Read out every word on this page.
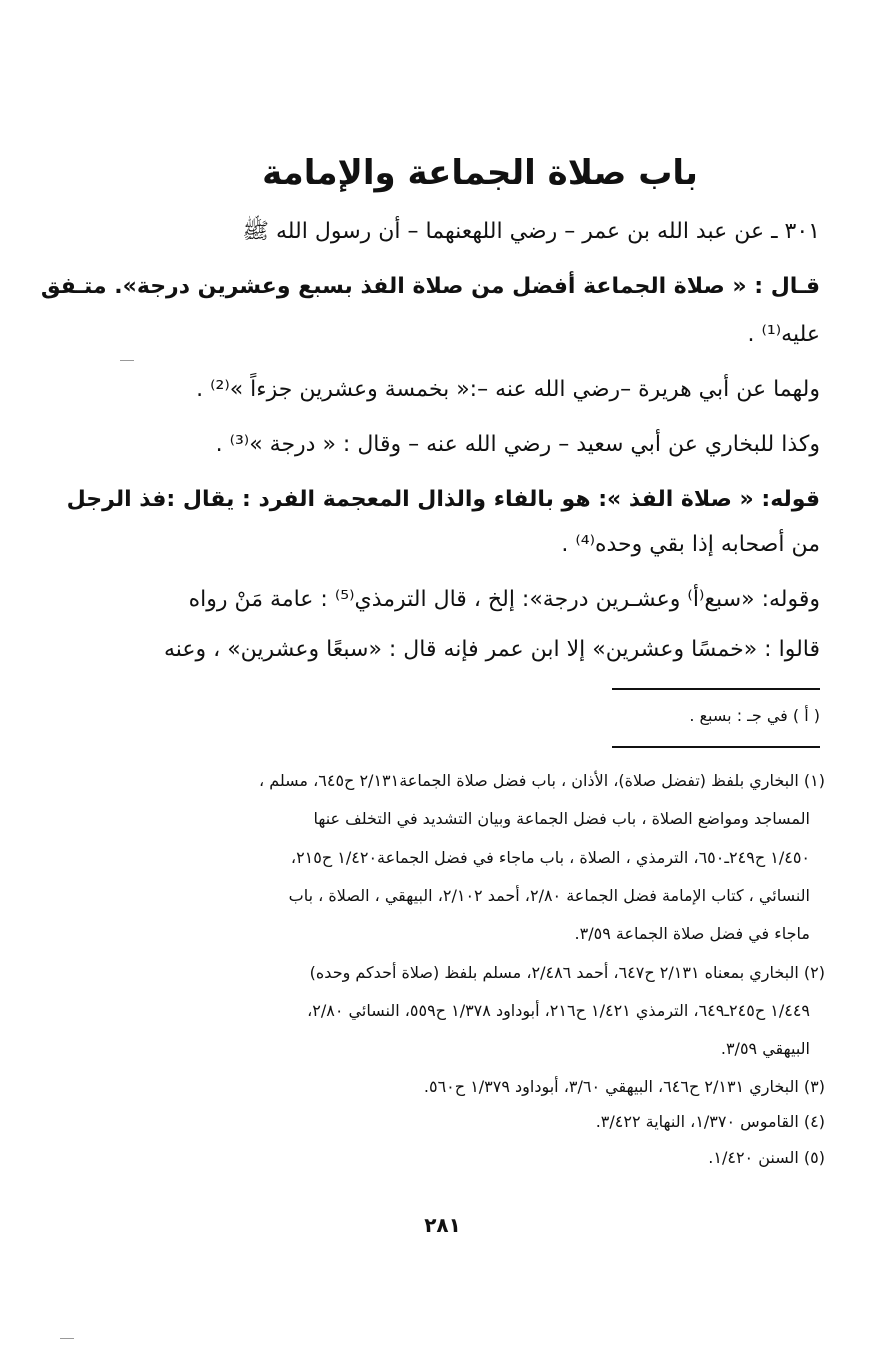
باب صلاة الجماعة والإمامة
٣٠١ ـ عن عبد الله بن عمر – رضي اللهعنهما – أن رسول الله ﷺ
قـال : « صلاة الجماعة أفضل من صلاة الفذ بسبع وعشرين درجة». متـفق
عليه⁽¹⁾ .
ولهما عن أبي هريرة –رضي الله عنه –:« بخمسة وعشرين جزءاً »⁽²⁾ .
وكذا للبخاري عن أبي سعيد – رضي الله عنه – وقال : « درجة »⁽³⁾ .
قوله: « صلاة الفذ »: هو بالفاء والذال المعجمة الفرد : يقال :فذ الرجل
من أصحابه إذا بقي وحده⁽⁴⁾ .
وقوله: «سبع⁽أ⁾ وعشـرين درجة»: إلخ ، قال الترمذي⁽⁵⁾ : عامة مَنْ رواه
قالوا : «خمسًا وعشرين» إلا ابن عمر فإنه قال : «سبعًا وعشرين» ، وعنه
( أ ) في جـ : بسبع .
(١) البخاري بلفظ (تفضل صلاة)، الأذان ، باب فضل صلاة الجماعة٢/١٣١ ح٦٤٥، مسلم ،
المساجد ومواضع الصلاة ، باب فضل الجماعة وبيان التشديد في التخلف عنها
١/٤٥٠ ح٢٤٩ـ٦٥٠، الترمذي ، الصلاة ، باب ماجاء في فضل الجماعة١/٤٢٠ ح٢١٥،
النسائي ، كتاب الإمامة فضل الجماعة ٢/٨٠، أحمد ٢/١٠٢، البيهقي ، الصلاة ، باب
ماجاء في فضل صلاة الجماعة ٣/٥٩.
(٢) البخاري بمعناه ٢/١٣١ ح٦٤٧، أحمد ٢/٤٨٦، مسلم بلفظ (صلاة أحدكم وحده)
١/٤٤٩ ح٢٤٥ـ٦٤٩، الترمذي ١/٤٢١ ح٢١٦، أبوداود ١/٣٧٨ ح٥٥٩، النسائي ٢/٨٠،
البيهقي ٣/٥٩.
(٣) البخاري ٢/١٣١ ح٦٤٦، البيهقي ٣/٦٠، أبوداود ١/٣٧٩ ح٥٦٠.
(٤) القاموس ١/٣٧٠، النهاية ٣/٤٢٢.
(٥) السنن ١/٤٢٠.
٢٨١
